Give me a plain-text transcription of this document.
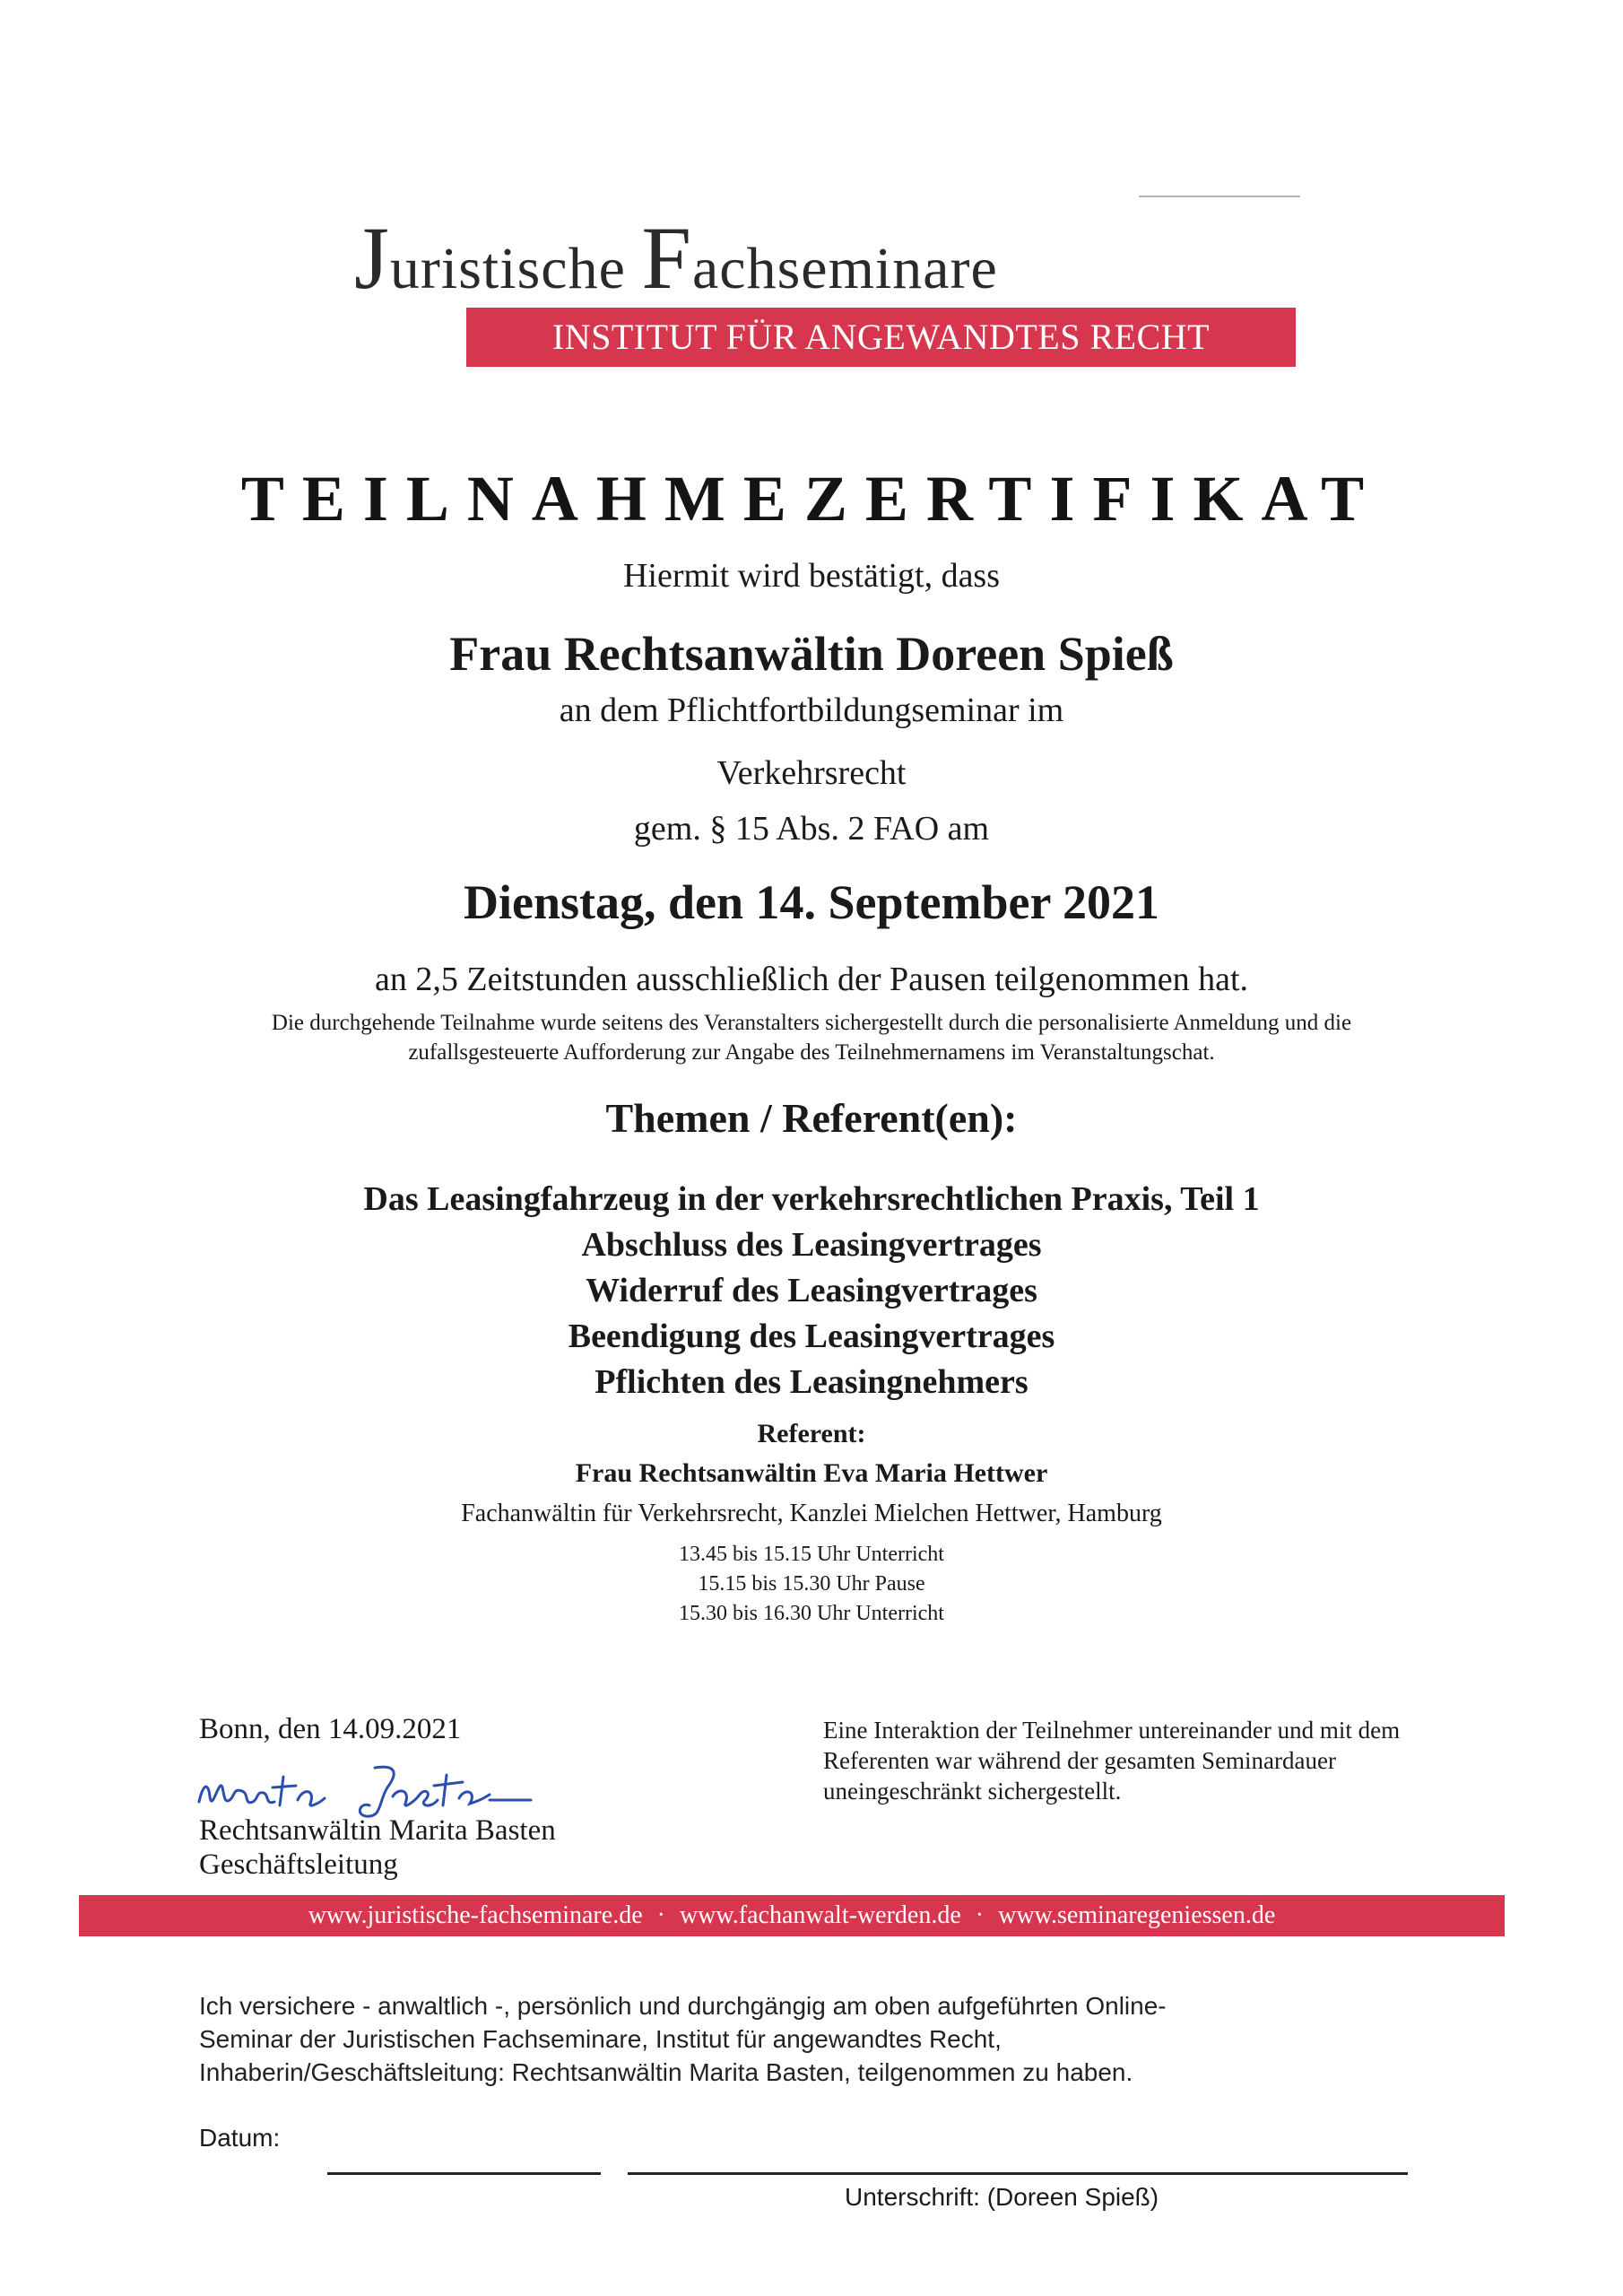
Juristische Fachseminare
INSTITUT FÜR ANGEWANDTES RECHT
TEILNAHMEZERTIFIKAT
Hiermit wird bestätigt, dass
Frau Rechtsanwältin Doreen Spieß
an dem Pflichtfortbildungseminar im
Verkehrsrecht
gem. § 15 Abs. 2 FAO am
Dienstag, den 14. September 2021
an 2,5 Zeitstunden ausschließlich der Pausen teilgenommen hat.
Die durchgehende Teilnahme wurde seitens des Veranstalters sichergestellt durch die personalisierte Anmeldung und die
zufallsgesteuerte Aufforderung zur Angabe des Teilnehmernamens im Veranstaltungschat.
Themen / Referent(en):
Das Leasingfahrzeug in der verkehrsrechtlichen Praxis, Teil 1
Abschluss des Leasingvertrages
Widerruf des Leasingvertrages
Beendigung des Leasingvertrages
Pflichten des Leasingnehmers
Referent:
Frau Rechtsanwältin Eva Maria Hettwer
Fachanwältin für Verkehrsrecht, Kanzlei Mielchen Hettwer, Hamburg
13.45 bis 15.15 Uhr Unterricht
15.15 bis 15.30 Uhr Pause
15.30 bis 16.30 Uhr Unterricht
Bonn, den 14.09.2021
Rechtsanwältin Marita Basten
Geschäftsleitung
Eine Interaktion der Teilnehmer untereinander und mit dem
Referenten war während der gesamten Seminardauer
uneingeschränkt sichergestellt.
www.juristische-fachseminare.de · www.fachanwalt-werden.de · www.seminaregeniessen.de
Ich versichere - anwaltlich -, persönlich und durchgängig am oben aufgeführten Online-
Seminar der Juristischen Fachseminare, Institut für angewandtes Recht,
Inhaberin/Geschäftsleitung: Rechtsanwältin Marita Basten, teilgenommen zu haben.
Datum:
Unterschrift: (Doreen Spieß)
